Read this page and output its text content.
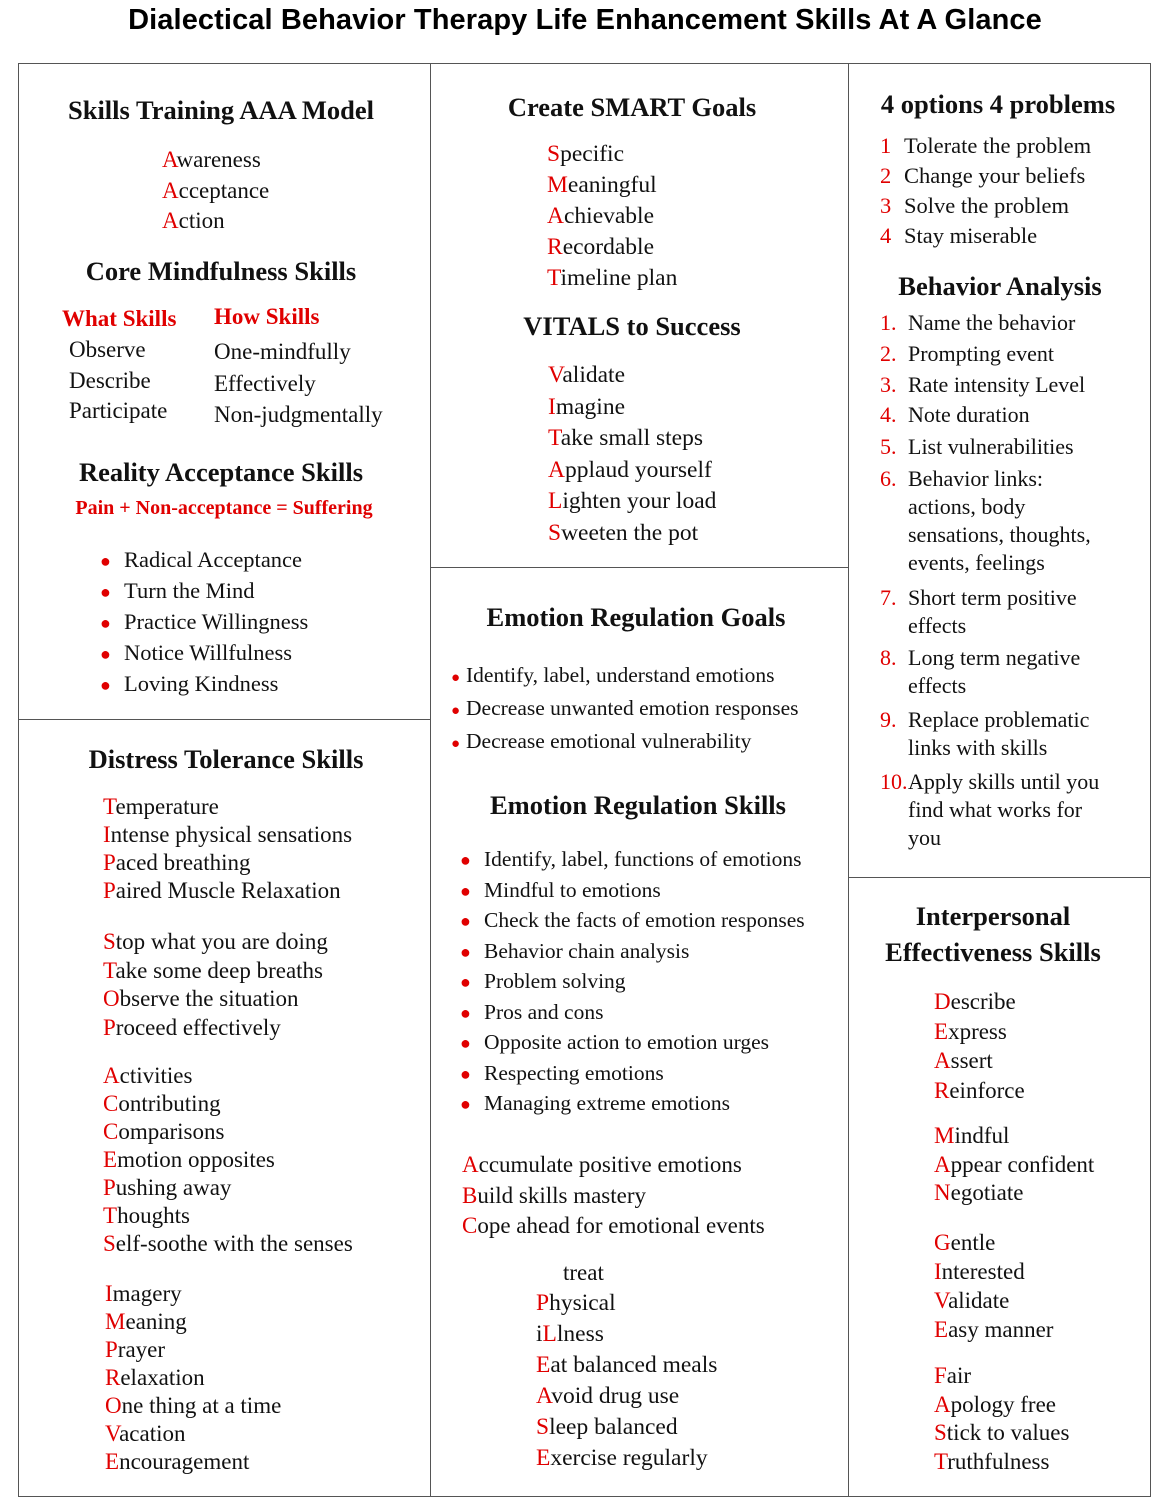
Dialectical Behavior Therapy Life Enhancement Skills At A Glance
Skills Training AAA Model
Awareness
Acceptance
Action
Core Mindfulness Skills
What Skills How Skills
Observe
Describe
Participate
One-mindfully
Effectively
Non-judgmentally
Reality Acceptance Skills
Pain + Non-acceptance = Suffering
● Radical Acceptance
● Turn the Mind
● Practice Willingness
● Notice Willfulness
● Loving Kindness
Distress Tolerance Skills
Temperature
Intense physical sensations
Paced breathing
Paired Muscle Relaxation
Stop what you are doing
Take some deep breaths
Observe the situation
Proceed effectively
Activities
Contributing
Comparisons
Emotion opposites
Pushing away
Thoughts
Self-soothe with the senses
Imagery
Meaning
Prayer
Relaxation
One thing at a time
Vacation
Encouragement
Create SMART Goals
Specific
Meaningful
Achievable
Recordable
Timeline plan
VITALS to Success
Validate
Imagine
Take small steps
Applaud yourself
Lighten your load
Sweeten the pot
Emotion Regulation Goals
● Identify, label, understand emotions
● Decrease unwanted emotion responses
● Decrease emotional vulnerability
Emotion Regulation Skills
● Identify, label, functions of emotions
● Mindful to emotions
● Check the facts of emotion responses
● Behavior chain analysis
● Problem solving
● Pros and cons
● Opposite action to emotion urges
● Respecting emotions
● Managing extreme emotions
Accumulate positive emotions
Build skills mastery
Cope ahead for emotional events
treat
Physical
iLlness
Eat balanced meals
Avoid drug use
Sleep balanced
Exercise regularly
4 options 4 problems
1 Tolerate the problem
2 Change your beliefs
3 Solve the problem
4 Stay miserable
Behavior Analysis
1. Name the behavior
2. Prompting event
3. Rate intensity Level
4. Note duration
5. List vulnerabilities
6. Behavior links:
actions, body
sensations, thoughts,
events, feelings
7. Short term positive
effects
8. Long term negative
effects
9. Replace problematic
links with skills
10. Apply skills until you
find what works for
you
Interpersonal
Effectiveness Skills
Describe
Express
Assert
Reinforce
Mindful
Appear confident
Negotiate
Gentle
Interested
Validate
Easy manner
Fair
Apology free
Stick to values
Truthfulness
